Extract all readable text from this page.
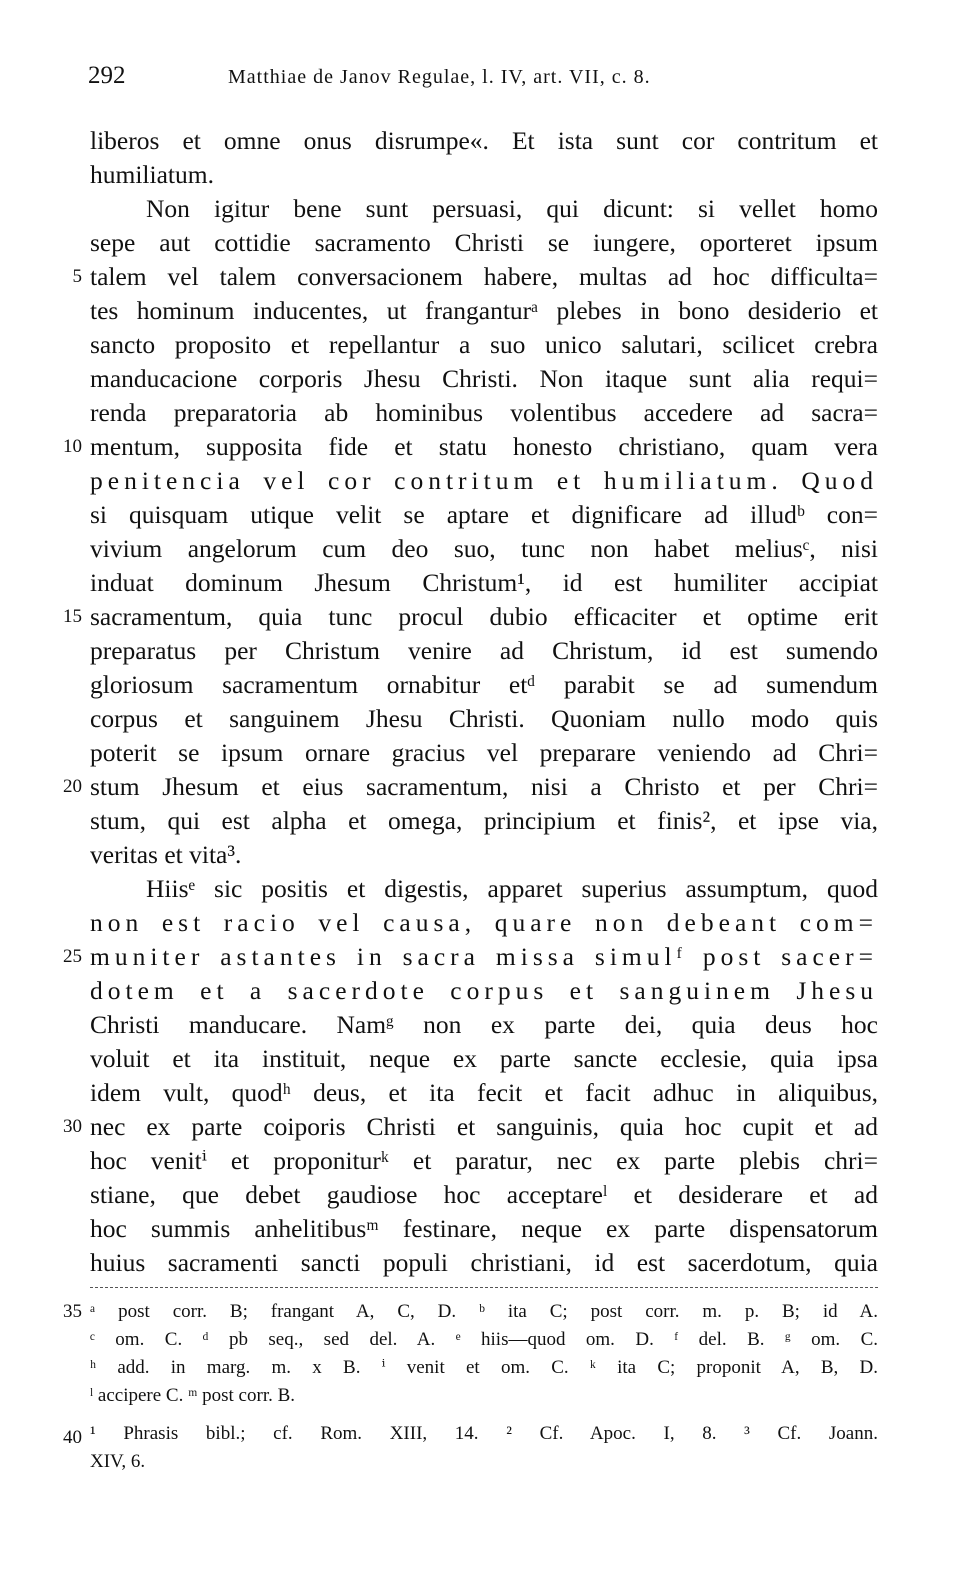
292	Matthiae de Janov Regulae, l. IV, art. VII, c. 8.
liberos et omne onus disrumpe«. Et ista sunt cor contritum et
humiliatum.
Non igitur bene sunt persuasi, qui dicunt: si vellet homo
sepe aut cottidie sacramento Christi se iungere, oporteret ipsum
talem vel talem conversacionem habere, multas ad hoc difficulta=
tes hominum inducentes, ut franganturᵃ plebes in bono desiderio et
sancto proposito et repellantur a suo unico salutari, scilicet crebra
manducacione corporis Jhesu Christi. Non itaque sunt alia requi=
renda preparatoria ab hominibus volentibus accedere ad sacra=
mentum, supposita fide et statu honesto christiano, quam vera
penitencia vel cor contritum et humiliatum. Quod
si quisquam utique velit se aptare et dignificare ad illudᵇ con=
vivium angelorum cum deo suo, tunc non habet meliusᶜ, nisi
induat dominum Jhesum Christum¹, id est humiliter accipiat
sacramentum, quia tunc procul dubio efficaciter et optime erit
preparatus per Christum venire ad Christum, id est sumendo
gloriosum sacramentum ornabitur etᵈ parabit se ad sumendum
corpus et sanguinem Jhesu Christi. Quoniam nullo modo quis
poterit se ipsum ornare gracius vel preparare veniendo ad Chri=
stum Jhesum et eius sacramentum, nisi a Christo et per Chri=
stum, qui est alpha et omega, principium et finis², et ipse via,
veritas et vita³.
Hiisᵉ sic positis et digestis, apparet superius assumptum, quod
non est racio vel causa, quare non debeant com=
muniter astantes in sacra missa simulᶠ post sacer=
dotem et a sacerdote corpus et sanguinem Jhesu
Christi manducare. Namᵍ non ex parte dei, quia deus hoc
voluit et ita instituit, neque ex parte sancte ecclesie, quia ipsa
idem vult, quodʰ deus, et ita fecit et facit adhuc in aliquibus,
nec ex parte coiporis Christi et sanguinis, quia hoc cupit et ad
hoc venitⁱ et proponiturᵏ et paratur, nec ex parte plebis chri=
stiane, que debet gaudiose hoc acceptareˡ et desiderare et ad
hoc summis anhelitibusᵐ festinare, neque ex parte dispensatorum
huius sacramenti sancti populi christiani, id est sacerdotum, quia
5
10
15
20
25
30
ᵃ post corr. B; frangant A, C, D. ᵇ ita C; post corr. m. p. B; id A.
ᶜ om. C. ᵈ pb seq., sed del. A. ᵉ hiis—quod om. D. ᶠ del. B. ᵍ om. C.
ʰ add. in marg. m. x B. ⁱ venit et om. C. ᵏ ita C; proponit A, B, D.
ˡ accipere C. ᵐ post corr. B.
¹ Phrasis bibl.; cf. Rom. XIII, 14. ² Cf. Apoc. I, 8. ³ Cf. Joann.
XIV, 6.
35
40
